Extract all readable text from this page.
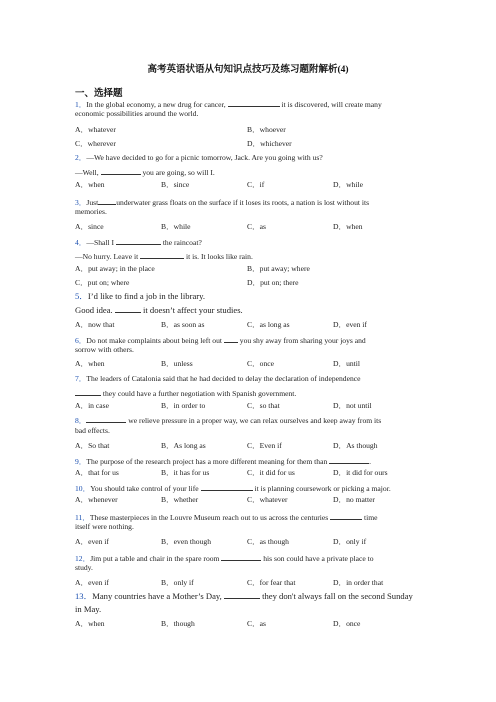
高考英语状语从句知识点技巧及练习题附解析(4)
一、选择题
1．In the global economy, a new drug for cancer,	it is discovered, will create many
economic possibilities around the world.
A．whatever	B．whoever
C．wherever	D．whichever
2．—We have decided to go for a picnic tomorrow, Jack. Are you going with us?
—Well,	you are going, so will I.
A．when	B．since	C．if	D．while
3．Just underwater grass floats on the surface if it loses its roots, a nation is lost without its
memories.
A．since	B．while	C．as	D．when
4．—Shall I	the raincoat?
—No hurry. Leave it	it is. It looks like rain.
A．put away; in the place	B．put away; where
C．put on; where	D．put on; there
5．I’d like to find a job in the library.
Good idea.	it doesn’t affect your studies.
A．now that	B．as soon as	C．as long as	D．even if
6．Do not make complaints about being left out  you shy away from sharing your joys and
sorrow with others.
A．when	B．unless	C．once	D．until
7．The leaders of Catalonia said that he had decided to delay the declaration of independence
they could have a further negotiation with Spanish government.
A．in case	B．in order to	C．so that	D．not until
8．	we relieve pressure in a proper way, we can relax ourselves and keep away from its
bad effects.
A．So that	B．As long as	C．Even if	D．As though
9．The purpose of the research project has a more different meaning for them than	.
A．that for us	B．it has for us	C．it did for us	D．it did for ours
10．You should take control of your life	it is planning coursework or picking a major.
A．whenever	B．whether	C．whatever	D．no matter
11．These masterpieces in the Louvre Museum reach out to us across the centuries	time
itself were nothing.
A．even if	B．even though	C．as though	D．only if
12．Jim put a table and chair in the spare room	his son could have a private place to
study.
A．even if	B．only if	C．for fear that	D．in order that
13．Many countries have a Mother’s Day,	they don't always fall on the second Sunday
in May.
A．when	B．though	C．as	D．once
